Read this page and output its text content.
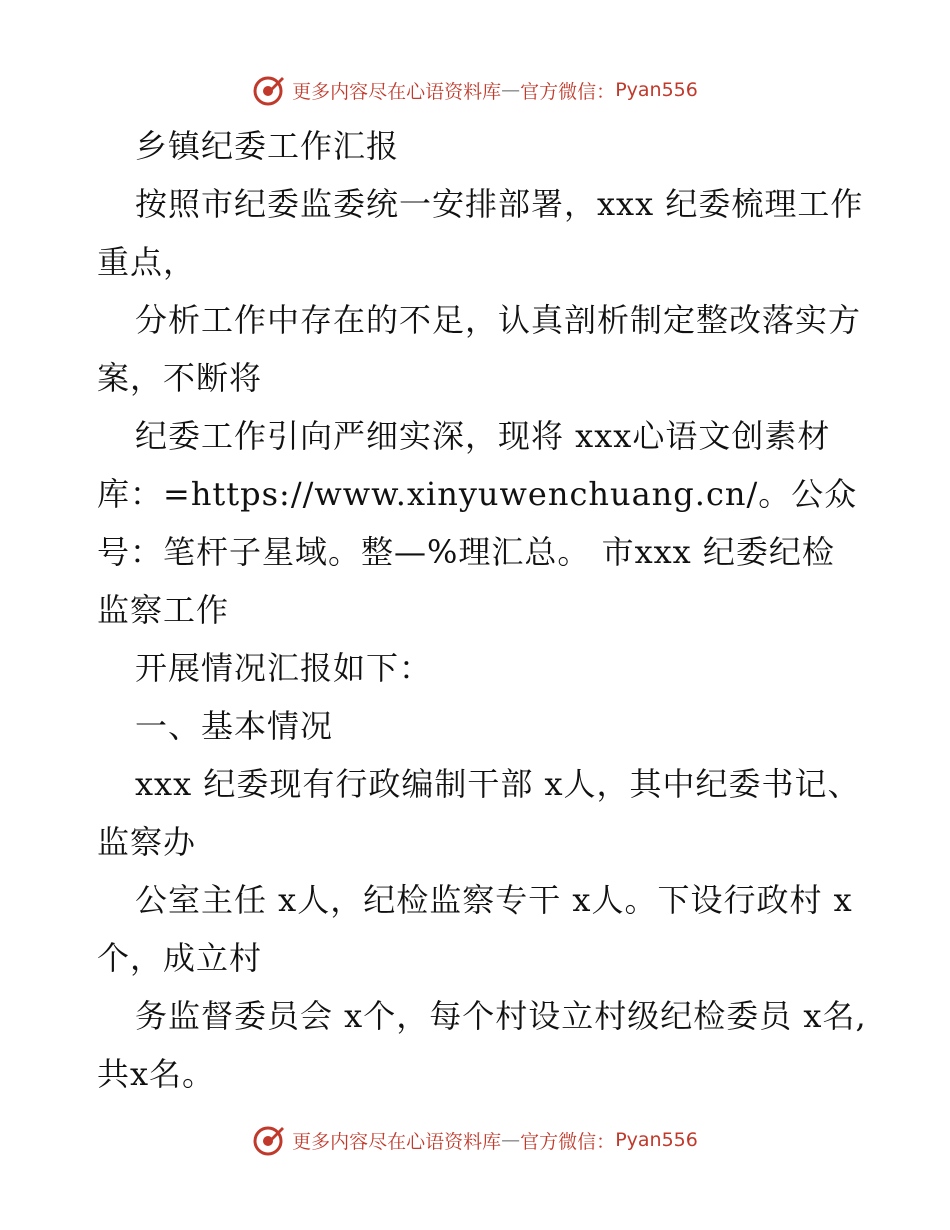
更多内容尽在心语资料库 — 官方微信： Pyan556

乡镇纪委工作汇报

按照市纪委监委统一安排部署，xxx 纪委梳理工作重点，

分析工作中存在的不足，认真剖析制定整改落实方案，不断将

纪委工作引向严细实深，现将 xxx心语文创素材库：=https://www.xinyuwenchuang.cn/。公众号：笔杆子星域。整—%理汇总。 市xxx 纪委纪检监察工作

开展情况汇报如下：

一、基本情况

xxx 纪委现有行政编制干部 x人，其中纪委书记、监察办

公室主任 x人，纪检监察专干 x人。下设行政村 x个，成立村

务监督委员会 x个，每个村设立村级纪检委员 x名,共x名。

更多内容尽在心语资料库 — 官方微信： Pyan556
